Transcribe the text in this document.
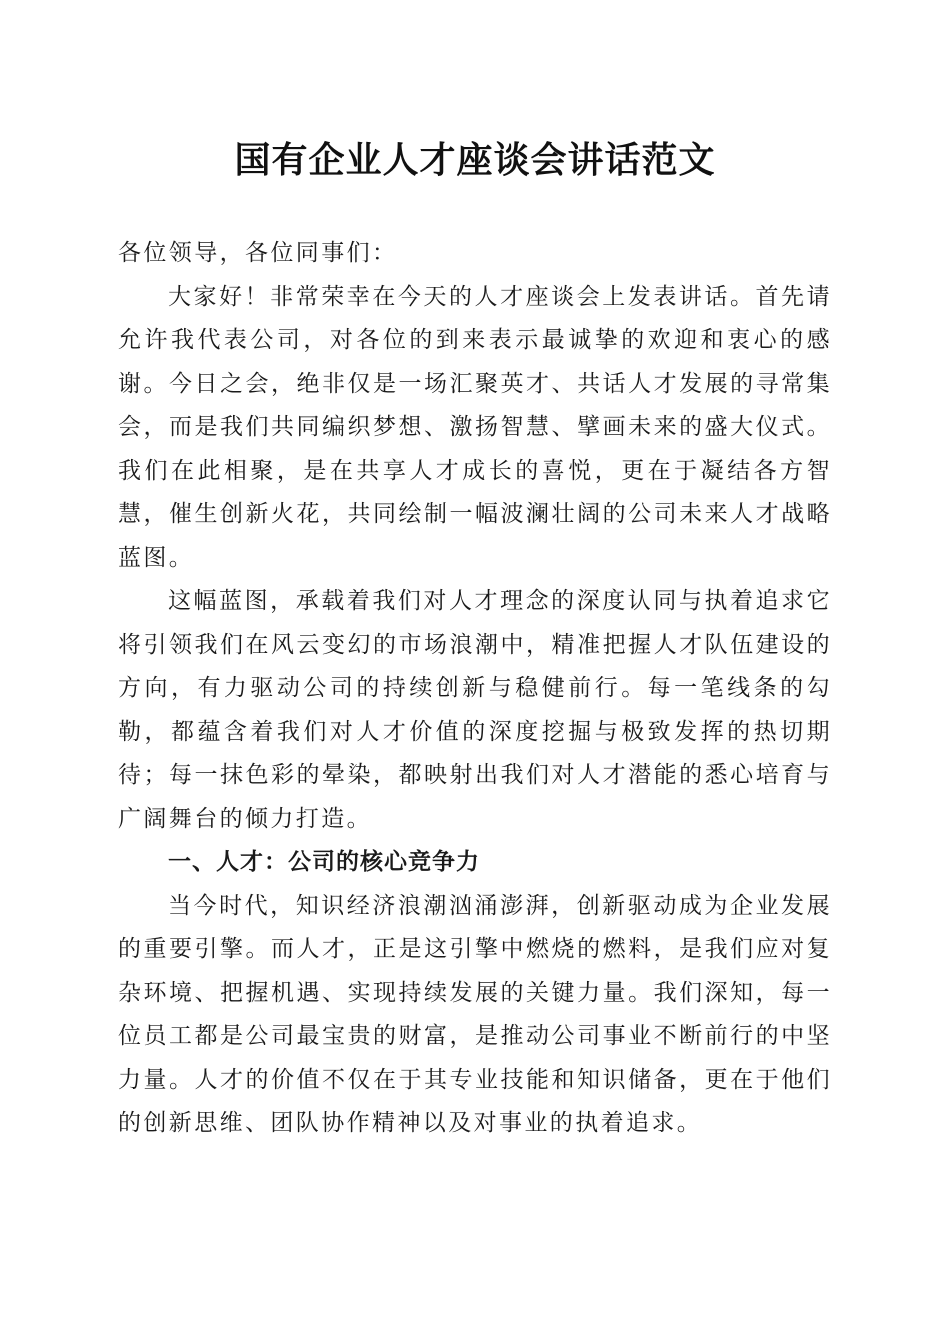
国有企业人才座谈会讲话范文

各位领导，各位同事们：

大家好！非常荣幸在今天的人才座谈会上发表讲话。首先请允许我代表公司，对各位的到来表示最诚挚的欢迎和衷心的感谢。今日之会，绝非仅是一场汇聚英才、共话人才发展的寻常集会，而是我们共同编织梦想、激扬智慧、擘画未来的盛大仪式。我们在此相聚，是在共享人才成长的喜悦，更在于凝结各方智慧，催生创新火花，共同绘制一幅波澜壮阔的公司未来人才战略蓝图。

这幅蓝图，承载着我们对人才理念的深度认同与执着追求它将引领我们在风云变幻的市场浪潮中，精准把握人才队伍建设的方向，有力驱动公司的持续创新与稳健前行。每一笔线条的勾勒，都蕴含着我们对人才价值的深度挖掘与极致发挥的热切期待；每一抹色彩的晕染，都映射出我们对人才潜能的悉心培育与广阔舞台的倾力打造。

一、人才：公司的核心竞争力

当今时代，知识经济浪潮汹涌澎湃，创新驱动成为企业发展的重要引擎。而人才，正是这引擎中燃烧的燃料，是我们应对复杂环境、把握机遇、实现持续发展的关键力量。我们深知，每一位员工都是公司最宝贵的财富，是推动公司事业不断前行的中坚力量。人才的价值不仅在于其专业技能和知识储备，更在于他们的创新思维、团队协作精神以及对事业的执着追求。
